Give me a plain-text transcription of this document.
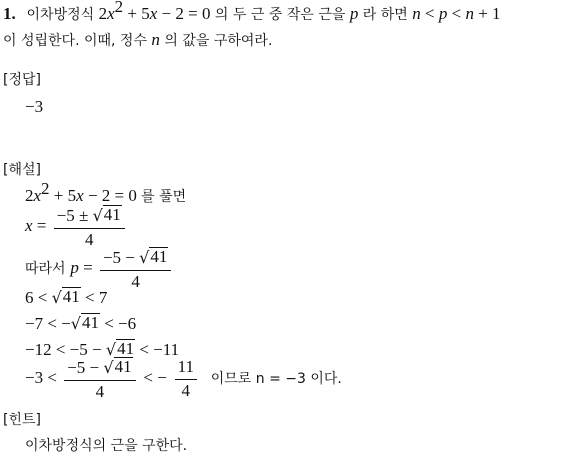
1. 이차방정식 $2x^2 + 5x - 2 = 0$ 의 두 근 중 작은 근을 p 라 하면 n < p < n + 1
이 성립한다. 이때, 정수 n 의 값을 구하여라.
[정답]
−3
[해설]
$2x^2 + 5x - 2 = 0$ 를 풀면
$x = \frac{-5 \pm √ 41}{4}$
따라서 $p = \frac{-5 - √ 41}{4}$
6 < √ 41 < 7
−7 < − √ 41 < −6
−12 < −5 − √ 41 < −11
$-3 < \frac{-5 - √ 41}{4}$ < − $\frac{11}{4}$ 이므로 n = −3 이다.
[힌트]
이차방정식의 근을 구한다.
